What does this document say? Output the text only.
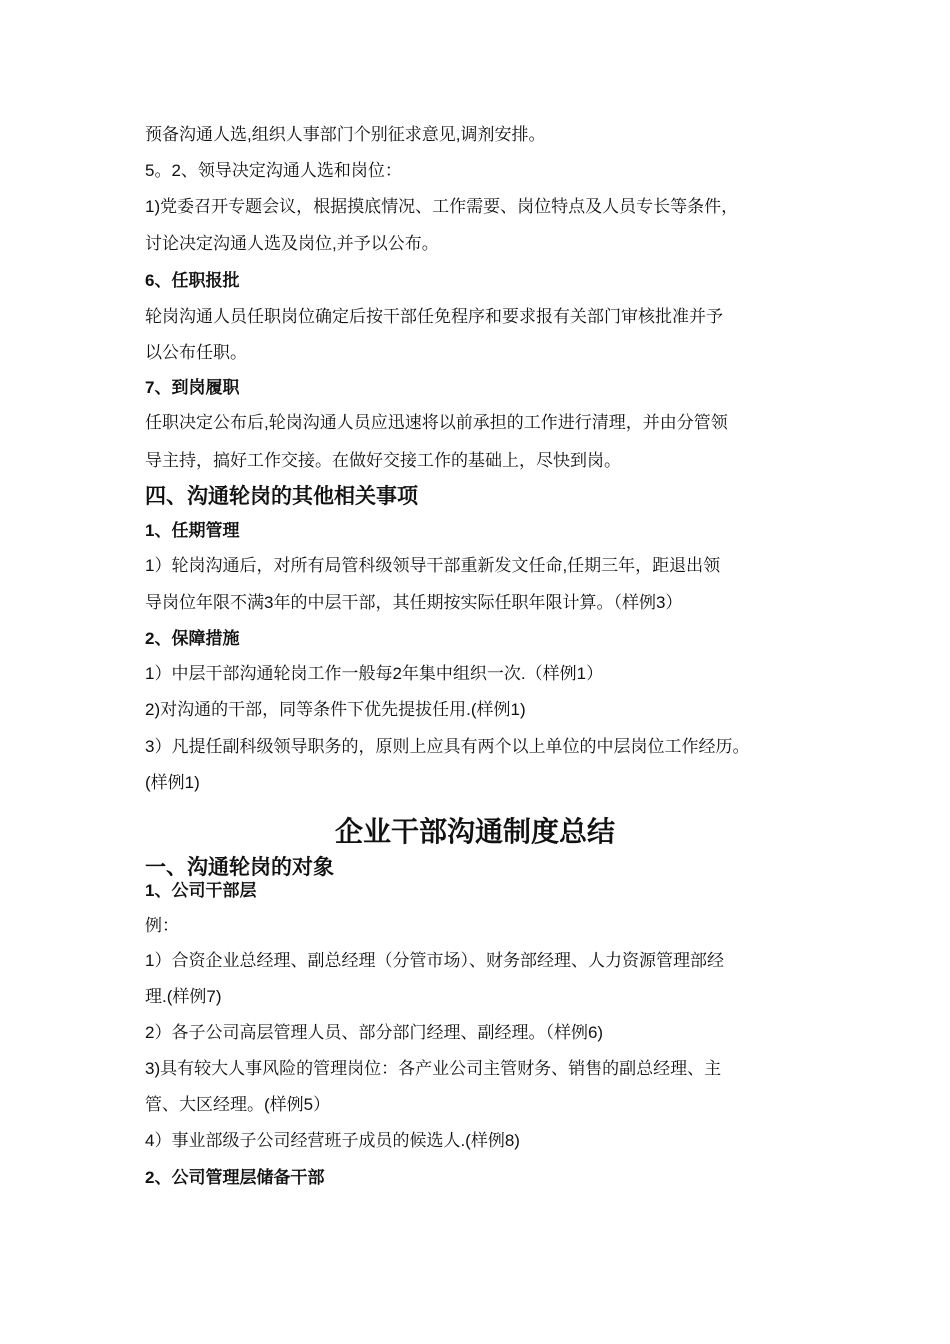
预备沟通人选,组织人事部门个别征求意见,调剂安排。
5。2、领导决定沟通人选和岗位：
1)党委召开专题会议，根据摸底情况、工作需要、岗位特点及人员专长等条件，
讨论决定沟通人选及岗位,并予以公布。
6、任职报批
轮岗沟通人员任职岗位确定后按干部任免程序和要求报有关部门审核批准并予
以公布任职。
7、到岗履职
任职决定公布后,轮岗沟通人员应迅速将以前承担的工作进行清理，并由分管领
导主持，搞好工作交接。在做好交接工作的基础上，尽快到岗。
四、沟通轮岗的其他相关事项
1、任期管理
1）轮岗沟通后，对所有局管科级领导干部重新发文任命,任期三年，距退出领
导岗位年限不满3年的中层干部，其任期按实际任职年限计算。（样例3）
2、保障措施
1）中层干部沟通轮岗工作一般每2年集中组织一次.（样例1）
2)对沟通的干部，同等条件下优先提拔任用.(样例1)
3）凡提任副科级领导职务的，原则上应具有两个以上单位的中层岗位工作经历。
(样例1)
企业干部沟通制度总结
一、沟通轮岗的对象
1、公司干部层
例：
1）合资企业总经理、副总经理（分管市场）、财务部经理、人力资源管理部经
理.(样例7)
2）各子公司高层管理人员、部分部门经理、副经理。（样例6)
3)具有较大人事风险的管理岗位：各产业公司主管财务、销售的副总经理、主
管、大区经理。(样例5）
4）事业部级子公司经营班子成员的候选人.(样例8)
2、公司管理层储备干部
